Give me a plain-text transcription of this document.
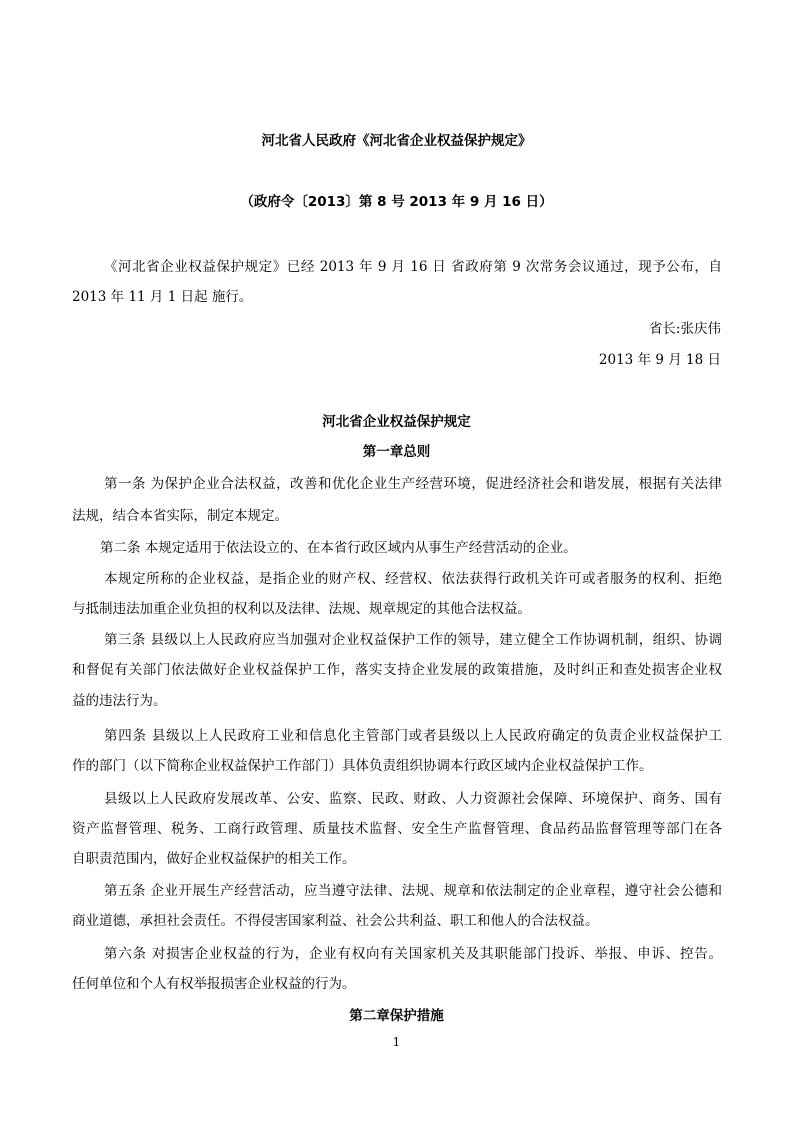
河北省人民政府《河北省企业权益保护规定》

（政府令〔2013〕第 8 号 2013 年 9 月 16 日）

《河北省企业权益保护规定》已经 2013 年 9 月 16 日 省政府第 9 次常务会议通过，现予公布，自

2013 年 11 月 1 日起 施行。

省长:张庆伟

2013 年 9 月 18 日

河北省企业权益保护规定

第一章总则

第一条 为保护企业合法权益，改善和优化企业生产经营环境，促进经济社会和谐发展，根据有关法律

法规，结合本省实际，制定本规定。

第二条 本规定适用于依法设立的、在本省行政区域内从事生产经营活动的企业。

本规定所称的企业权益，是指企业的财产权、经营权、依法获得行政机关许可或者服务的权利、拒绝

与抵制违法加重企业负担的权利以及法律、法规、规章规定的其他合法权益。

第三条 县级以上人民政府应当加强对企业权益保护工作的领导，建立健全工作协调机制，组织、协调

和督促有关部门依法做好企业权益保护工作，落实支持企业发展的政策措施，及时纠正和查处损害企业权

益的违法行为。

第四条 县级以上人民政府工业和信息化主管部门或者县级以上人民政府确定的负责企业权益保护工

作的部门（以下简称企业权益保护工作部门）具体负责组织协调本行政区域内企业权益保护工作。

县级以上人民政府发展改革、公安、监察、民政、财政、人力资源社会保障、环境保护、商务、国有

资产监督管理、税务、工商行政管理、质量技术监督、安全生产监督管理、食品药品监督管理等部门在各

自职责范围内，做好企业权益保护的相关工作。

第五条 企业开展生产经营活动，应当遵守法律、法规、规章和依法制定的企业章程，遵守社会公德和

商业道德，承担社会责任。不得侵害国家利益、社会公共利益、职工和他人的合法权益。

第六条 对损害企业权益的行为，企业有权向有关国家机关及其职能部门投诉、举报、申诉、控告。

任何单位和个人有权举报损害企业权益的行为。

第二章保护措施

1
